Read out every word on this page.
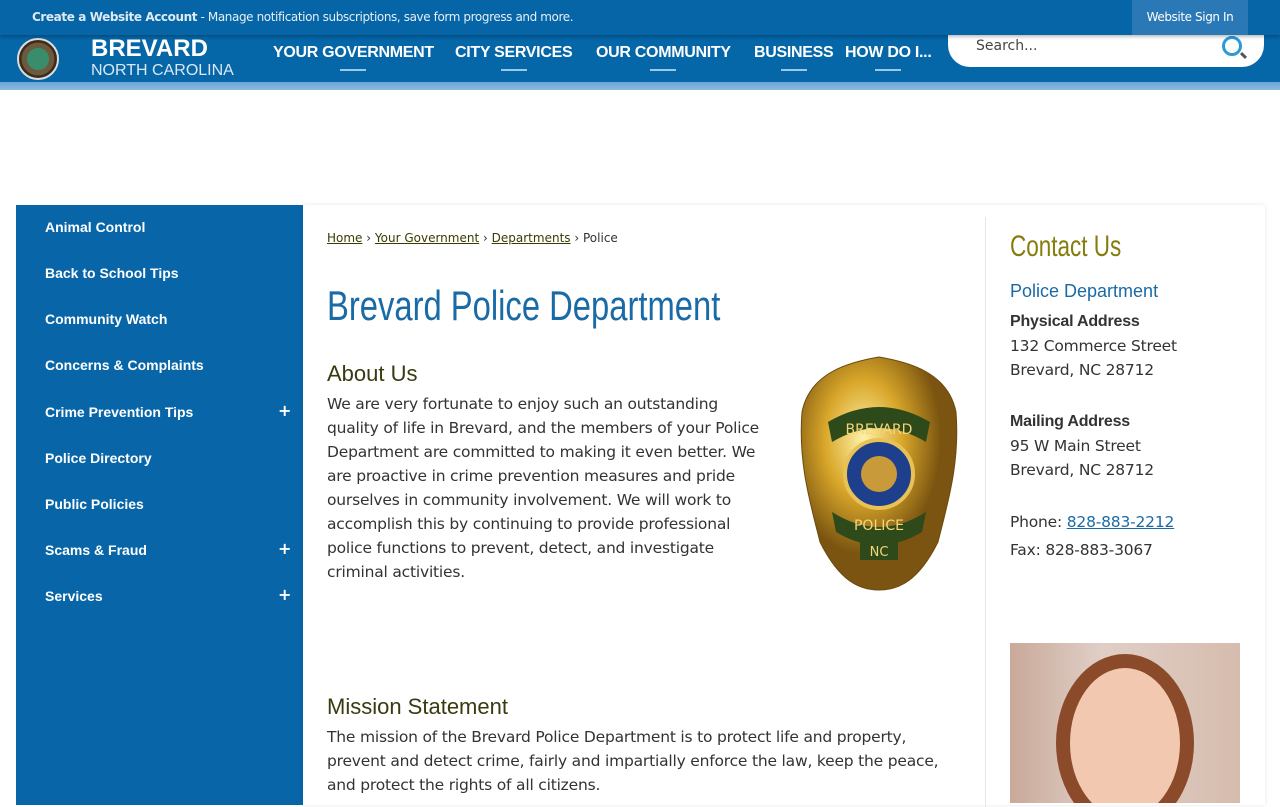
BREVARD
NORTH CAROLINA
YOUR GOVERNMENT CITY SERVICES OUR COMMUNITY BUSINESS HOW DO I...
Search...
Create a Website Account - Manage notification subscriptions, save form progress and more.	Website Sign In
Animal Control
Back to School Tips
Community Watch
Concerns & Complaints
Crime Prevention Tips	+
Police Directory
Public Policies
Scams & Fraud	+
Services	+
Home › Your Government › Departments › Police
Brevard Police Department
About Us
We are very fortunate to enjoy such an outstanding quality of life in Brevard, and the members of your Police Department are committed to making it even better. We are proactive in crime prevention measures and pride ourselves in community involvement. We will work to accomplish this by continuing to provide professional police functions to prevent, detect, and investigate criminal activities.
BREVARD
POLICE
NC
Mission Statement
The mission of the Brevard Police Department is to protect life and property, prevent and detect crime, fairly and impartially enforce the law, keep the peace, and protect the rights of all citizens.
Contact Us
Police Department
Physical Address
132 Commerce Street
Brevard, NC 28712
Mailing Address
95 W Main Street
Brevard, NC 28712
Phone: 828-883-2212
Fax: 828-883-3067
